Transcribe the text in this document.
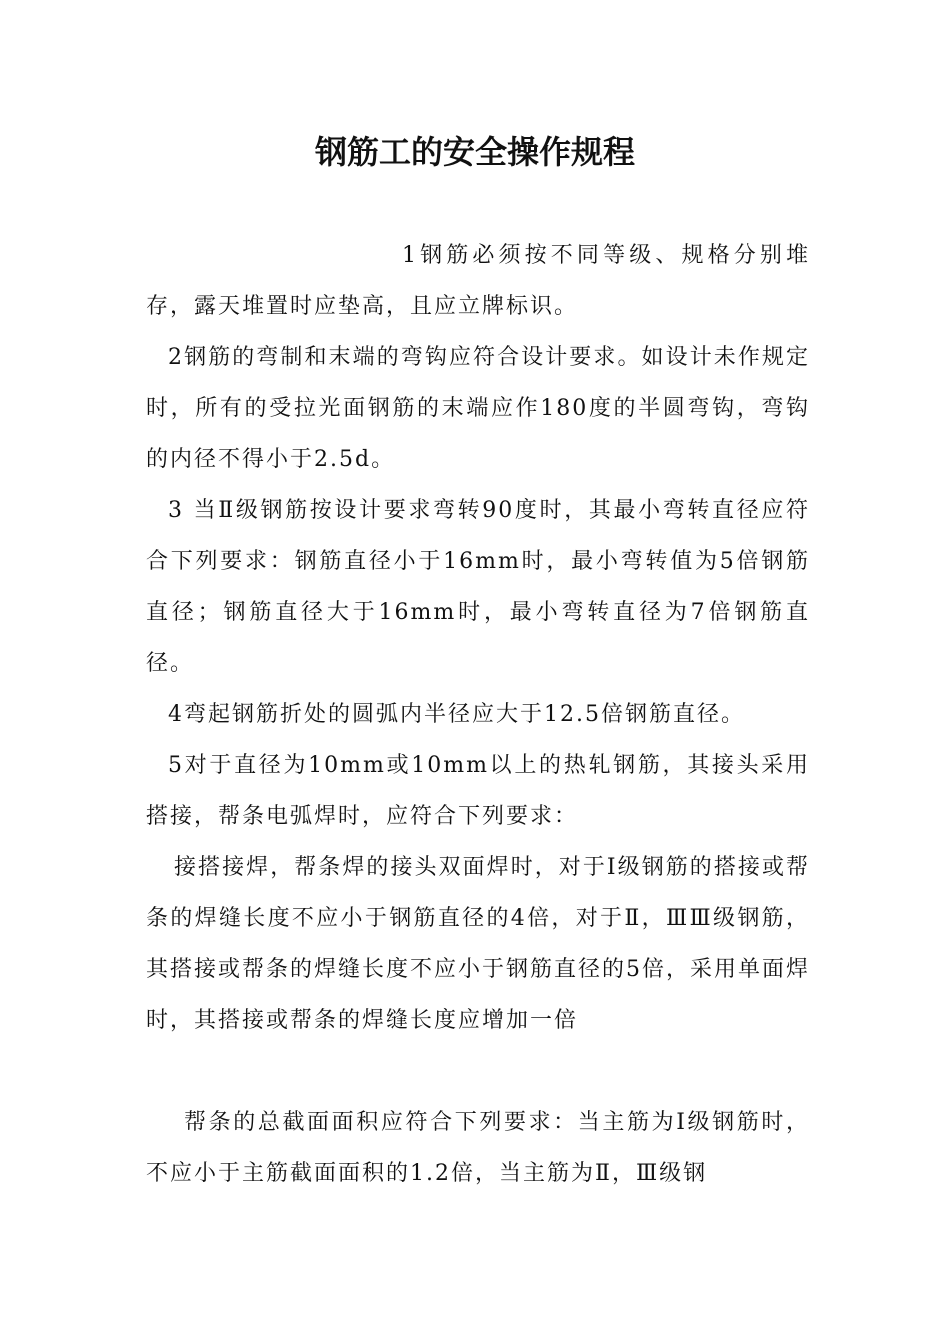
钢筋工的安全操作规程

1钢筋必须按不同等级、规格分别堆存，露天堆置时应垫高，且应立牌标识。

2钢筋的弯制和末端的弯钩应符合设计要求。如设计未作规定时，所有的受拉光面钢筋的末端应作180度的半圆弯钩，弯钩的内径不得小于2.5d。

3 当Ⅱ级钢筋按设计要求弯转90度时，其最小弯转直径应符合下列要求：钢筋直径小于16mm时，最小弯转值为5倍钢筋直径；钢筋直径大于16mm时，最小弯转直径为7倍钢筋直径。

4弯起钢筋折处的圆弧内半径应大于12.5倍钢筋直径。

5对于直径为10mm或10mm以上的热轧钢筋，其接头采用搭接，帮条电弧焊时，应符合下列要求：

接搭接焊，帮条焊的接头双面焊时，对于Ⅰ级钢筋的搭接或帮条的焊缝长度不应小于钢筋直径的4倍，对于Ⅱ，ⅢⅢ级钢筋，其搭接或帮条的焊缝长度不应小于钢筋直径的5倍，采用单面焊时，其搭接或帮条的焊缝长度应增加一倍

帮条的总截面面积应符合下列要求：当主筋为Ⅰ级钢筋时，不应小于主筋截面面积的1.2倍，当主筋为Ⅱ，Ⅲ级钢
